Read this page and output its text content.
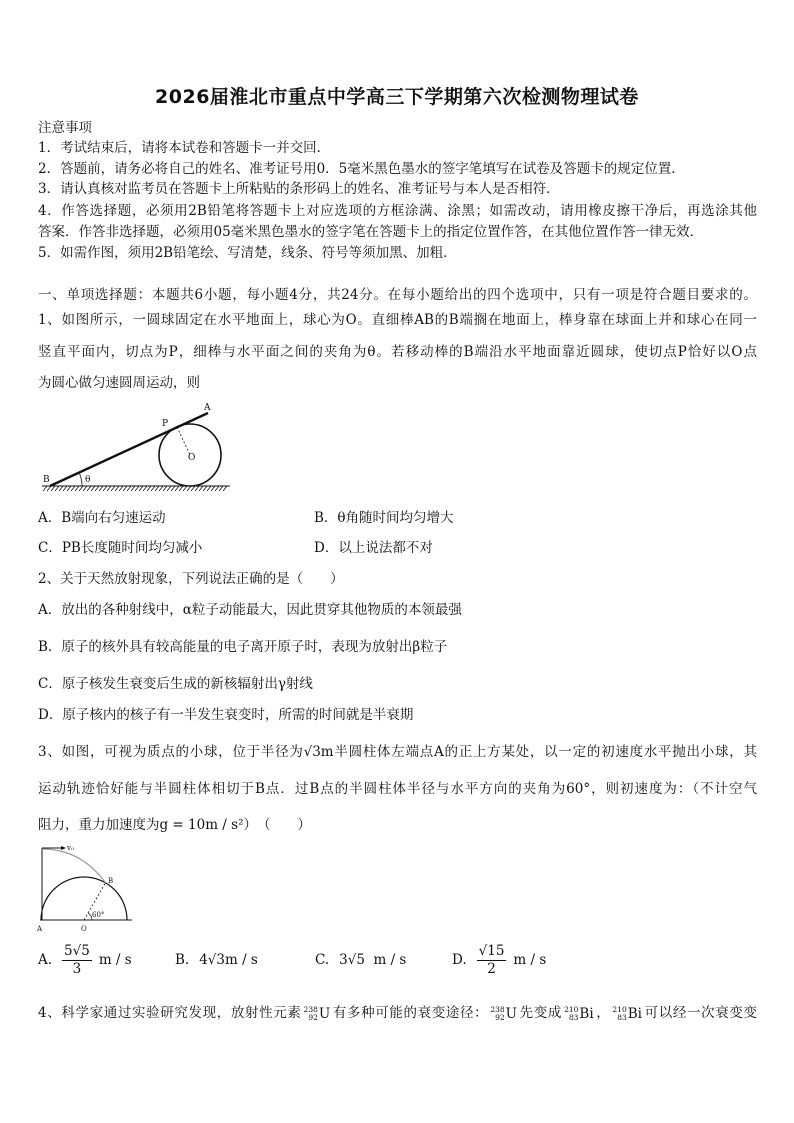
2026届淮北市重点中学高三下学期第六次检测物理试卷
注意事项
1．考试结束后，请将本试卷和答题卡一并交回．
2．答题前，请务必将自己的姓名、准考证号用0．5毫米黑色墨水的签字笔填写在试卷及答题卡的规定位置．
3．请认真核对监考员在答题卡上所粘贴的条形码上的姓名、准考证号与本人是否相符．
4．作答选择题，必须用2B铅笔将答题卡上对应选项的方框涂满、涂黑；如需改动，请用橡皮擦干净后，再选涂其他
答案．作答非选择题，必须用05毫米黑色墨水的签字笔在答题卡上的指定位置作答，在其他位置作答一律无效．
5．如需作图，须用2B铅笔绘、写清楚，线条、符号等须加黑、加粗．
一、单项选择题：本题共6小题，每小题4分，共24分。在每小题给出的四个选项中，只有一项是符合题目要求的。
1、如图所示，一圆球固定在水平地面上，球心为O。直细棒AB的B端搁在地面上，棒身靠在球面上并和球心在同一
竖直平面内，切点为P，细棒与水平面之间的夹角为θ。若移动棒的B端沿水平地面靠近圆球，使切点P恰好以O点
为圆心做匀速圆周运动，则
A
P
O
B	θ
A．B端向右匀速运动	B．θ角随时间均匀增大
C．PB长度随时间均匀减小	D．以上说法都不对
2、关于天然放射现象，下列说法正确的是（　　）
A．放出的各种射线中，α粒子动能最大，因此贯穿其他物质的本领最强
B．原子的核外具有较高能量的电子离开原子时，表现为放射出β粒子
C．原子核发生衰变后生成的新核辐射出γ射线
D．原子核内的核子有一半发生衰变时，所需的时间就是半衰期
3、如图，可视为质点的小球，位于半径为√3m半圆柱体左端点A的正上方某处，以一定的初速度水平抛出小球，其
运动轨迹恰好能与半圆柱体相切于B点．过B点的半圆柱体半径与水平方向的夹角为60°，则初速度为：（不计空气
阻力，重力加速度为g = 10m / s²）　（　　）
v₀
B
60°
A	O
A. $\frac{5√5}{3}$ m / s	B. 4√3m / s	C. 3√5  m / s	D. $\frac{√15}{2}$ m / s
4、科学家通过实验研究发现，放射性元素 238
92 U 有多种可能的衰变途径： 238
92 U 先变成 210
83 Bi ， 210
83 Bi 可以经一次衰变变
